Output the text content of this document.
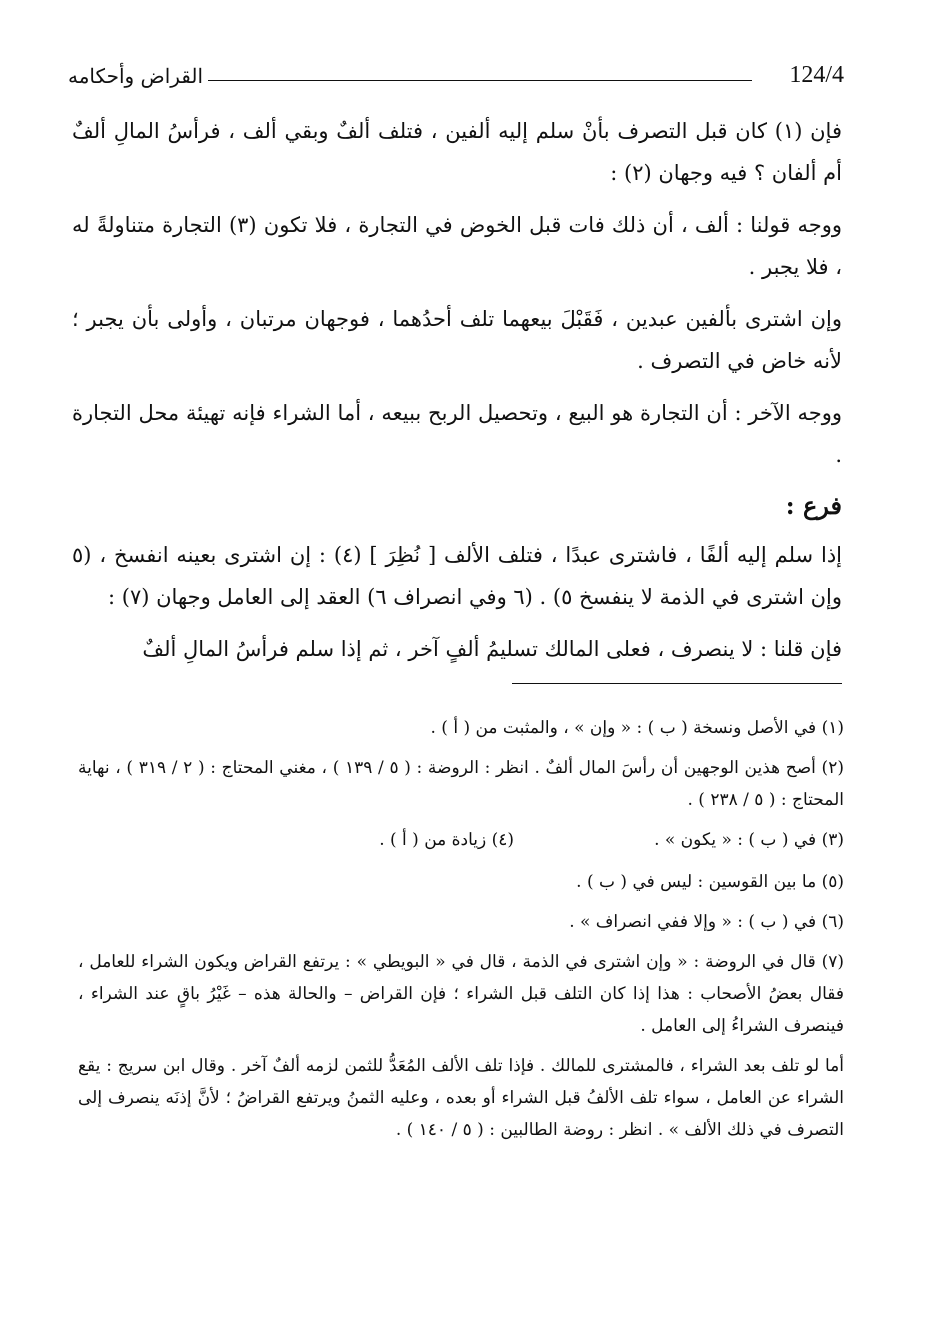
124/4
القراض وأحكامه

فإن (١) كان قبل التصرف بأنْ سلم إليه ألفين ، فتلف ألفٌ وبقي ألف ، فرأسُ المالِ ألفٌ أم ألفان ؟ فيه وجهان (٢) :

ووجه قولنا : ألف ، أن ذلك فات قبل الخوض في التجارة ، فلا تكون (٣) التجارة متناولةً له ، فلا يجبر .

وإن اشترى بألفين عبدين ، فَقَبْلَ بيعهما تلف أحدُهما ، فوجهان مرتبان ، وأولى بأن يجبر ؛ لأنه خاض في التصرف .

ووجه الآخر : أن التجارة هو البيع ، وتحصيل الربح ببيعه ، أما الشراء فإنه تهيئة محل التجارة .

فرع :

إذا سلم إليه ألفًا ، فاشترى عبدًا ، فتلف الألف [ نُظِرَ ] (٤) : إن اشترى بعينه انفسخ ، (٥ وإن اشترى في الذمة لا ينفسخ ٥) . (٦ وفي انصراف ٦) العقد إلى العامل وجهان (٧) :

فإن قلنا : لا ينصرف ، فعلى المالك تسليمُ ألفٍ آخر ، ثم إذا سلم فرأسُ المالِ ألفٌ

(١) في الأصل ونسخة ( ب ) : « وإن » ، والمثبت من ( أ ) .

(٢) أصح هذين الوجهين أن رأسَ المال ألفٌ . انظر : الروضة : ( ٥ / ١٣٩ ) ، مغني المحتاج : ( ٢ / ٣١٩ ) ، نهاية المحتاج : ( ٥ / ٢٣٨ ) .

(٣) في ( ب ) : « يكون » .
(٤) زيادة من ( أ ) .

(٥) ما بين القوسين : ليس في ( ب ) .

(٦) في ( ب ) : « وإلا ففي انصراف » .

(٧) قال في الروضة : « وإن اشترى في الذمة ، قال في « البويطي » : يرتفع القراض ويكون الشراء للعامل ، فقال بعضُ الأصحاب : هذا إذا كان التلف قبل الشراء ؛ فإن القراض – والحالة هذه – غَيْرُ باقٍ عند الشراء ، فينصرف الشراءُ إلى العامل .

أما لو تلف بعد الشراء ، فالمشترى للمالك . فإذا تلف الألف المُعَدُّ للثمن لزمه ألفٌ آخر . وقال ابن سريج : يقع الشراء عن العامل ، سواء تلف الألفُ قبل الشراء أو بعده ، وعليه الثمنُ ويرتفع القراضُ ؛ لأنَّ إذنَه ينصرف إلى التصرف في ذلك الألف » . انظر : روضة الطالبين : ( ٥ / ١٤٠ ) .
